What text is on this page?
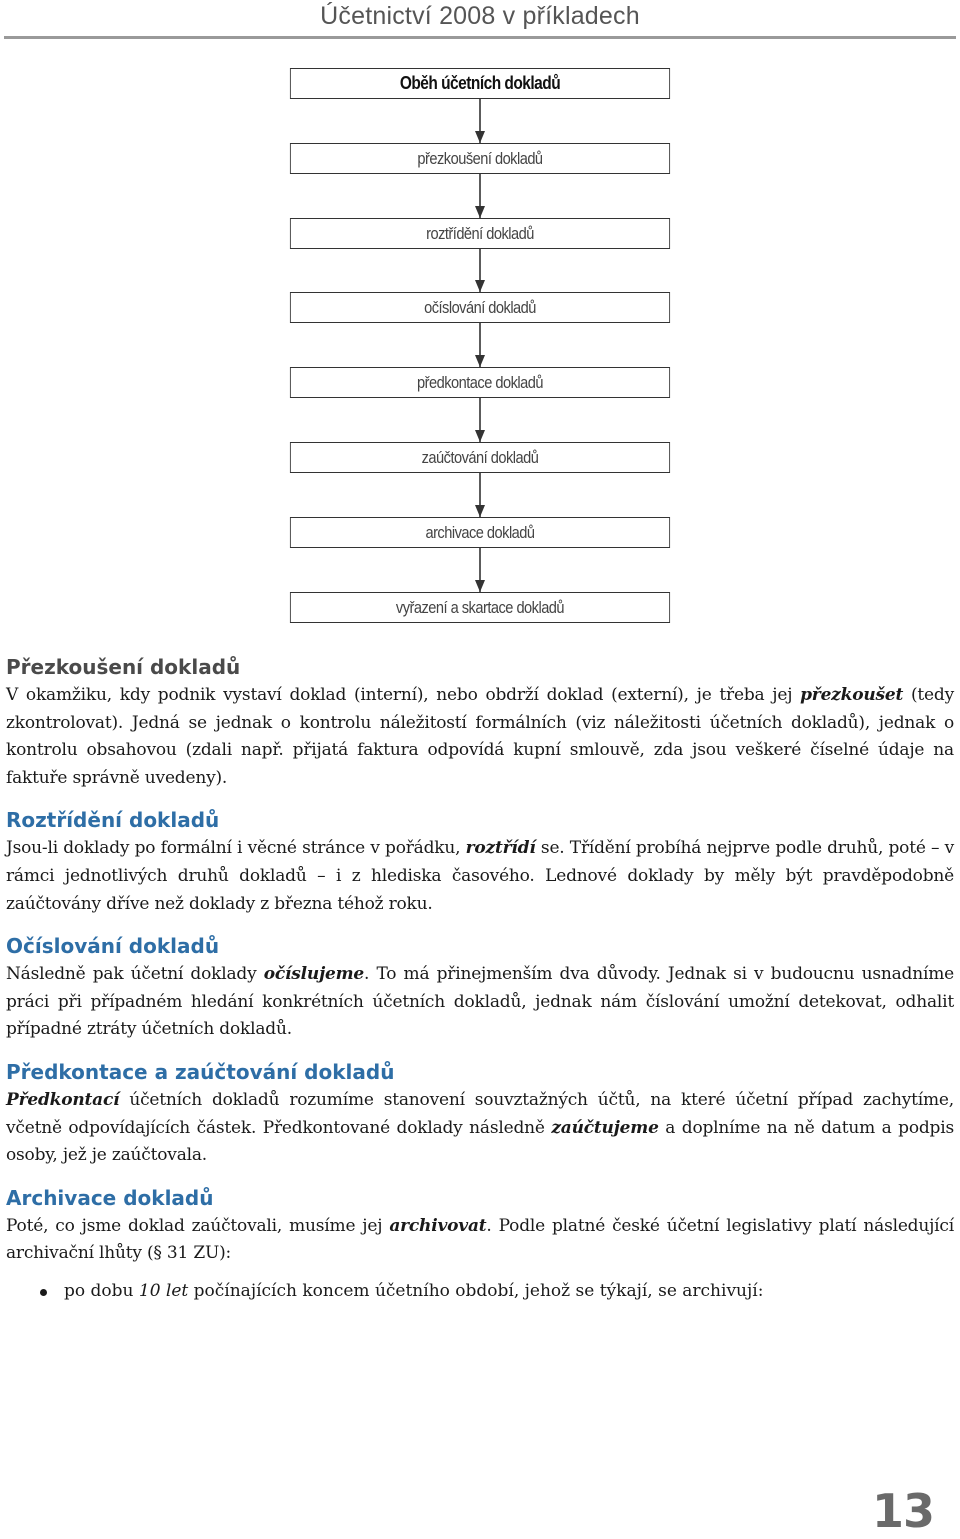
Účetnictví 2008 v příkladech
Oběh účetních dokladů
přezkoušení dokladů
roztřídění dokladů
očíslování dokladů
předkontace dokladů
zaúčtování dokladů
archivace dokladů
vyřazení a skartace dokladů
Přezkoušení dokladů

V okamžiku, kdy podnik vystaví doklad (interní), nebo obdrží doklad (externí), je třeba jej přezkoušet (tedy zkontrolovat). Jedná se jednak o kontrolu náležitostí formálních (viz náležitosti účetních dokladů), jednak o kontrolu obsahovou (zdali např. přijatá faktura odpovídá kupní smlouvě, zda jsou veškeré číselné údaje na faktuře správně uvedeny).

Roztřídění dokladů

Jsou-li doklady po formální i věcné stránce v pořádku, roztřídí se. Třídění probíhá nejprve podle druhů, poté – v rámci jednotlivých druhů dokladů – i z hlediska časového. Lednové doklady by měly být pravděpodobně zaúčtovány dříve než doklady z března téhož roku.

Očíslování dokladů

Následně pak účetní doklady očíslujeme. To má přinejmenším dva důvody. Jednak si v budoucnu usnadníme práci při případném hledání konkrétních účetních dokladů, jednak nám číslování umožní detekovat, odhalit případné ztráty účetních dokladů.

Předkontace a zaúčtování dokladů

Předkontací účetních dokladů rozumíme stanovení souvztažných účtů, na které účetní případ zachytíme, včetně odpovídajících částek. Předkontované doklady následně zaúčtujeme a doplníme na ně datum a podpis osoby, jež je zaúčtovala.

Archivace dokladů

Poté, co jsme doklad zaúčtovali, musíme jej archivovat. Podle platné české účetní legislativy platí následující archivační lhůty (§ 31 ZU):

po dobu 10 let počínajících koncem účetního období, jehož se týkají, se archivují:
13
